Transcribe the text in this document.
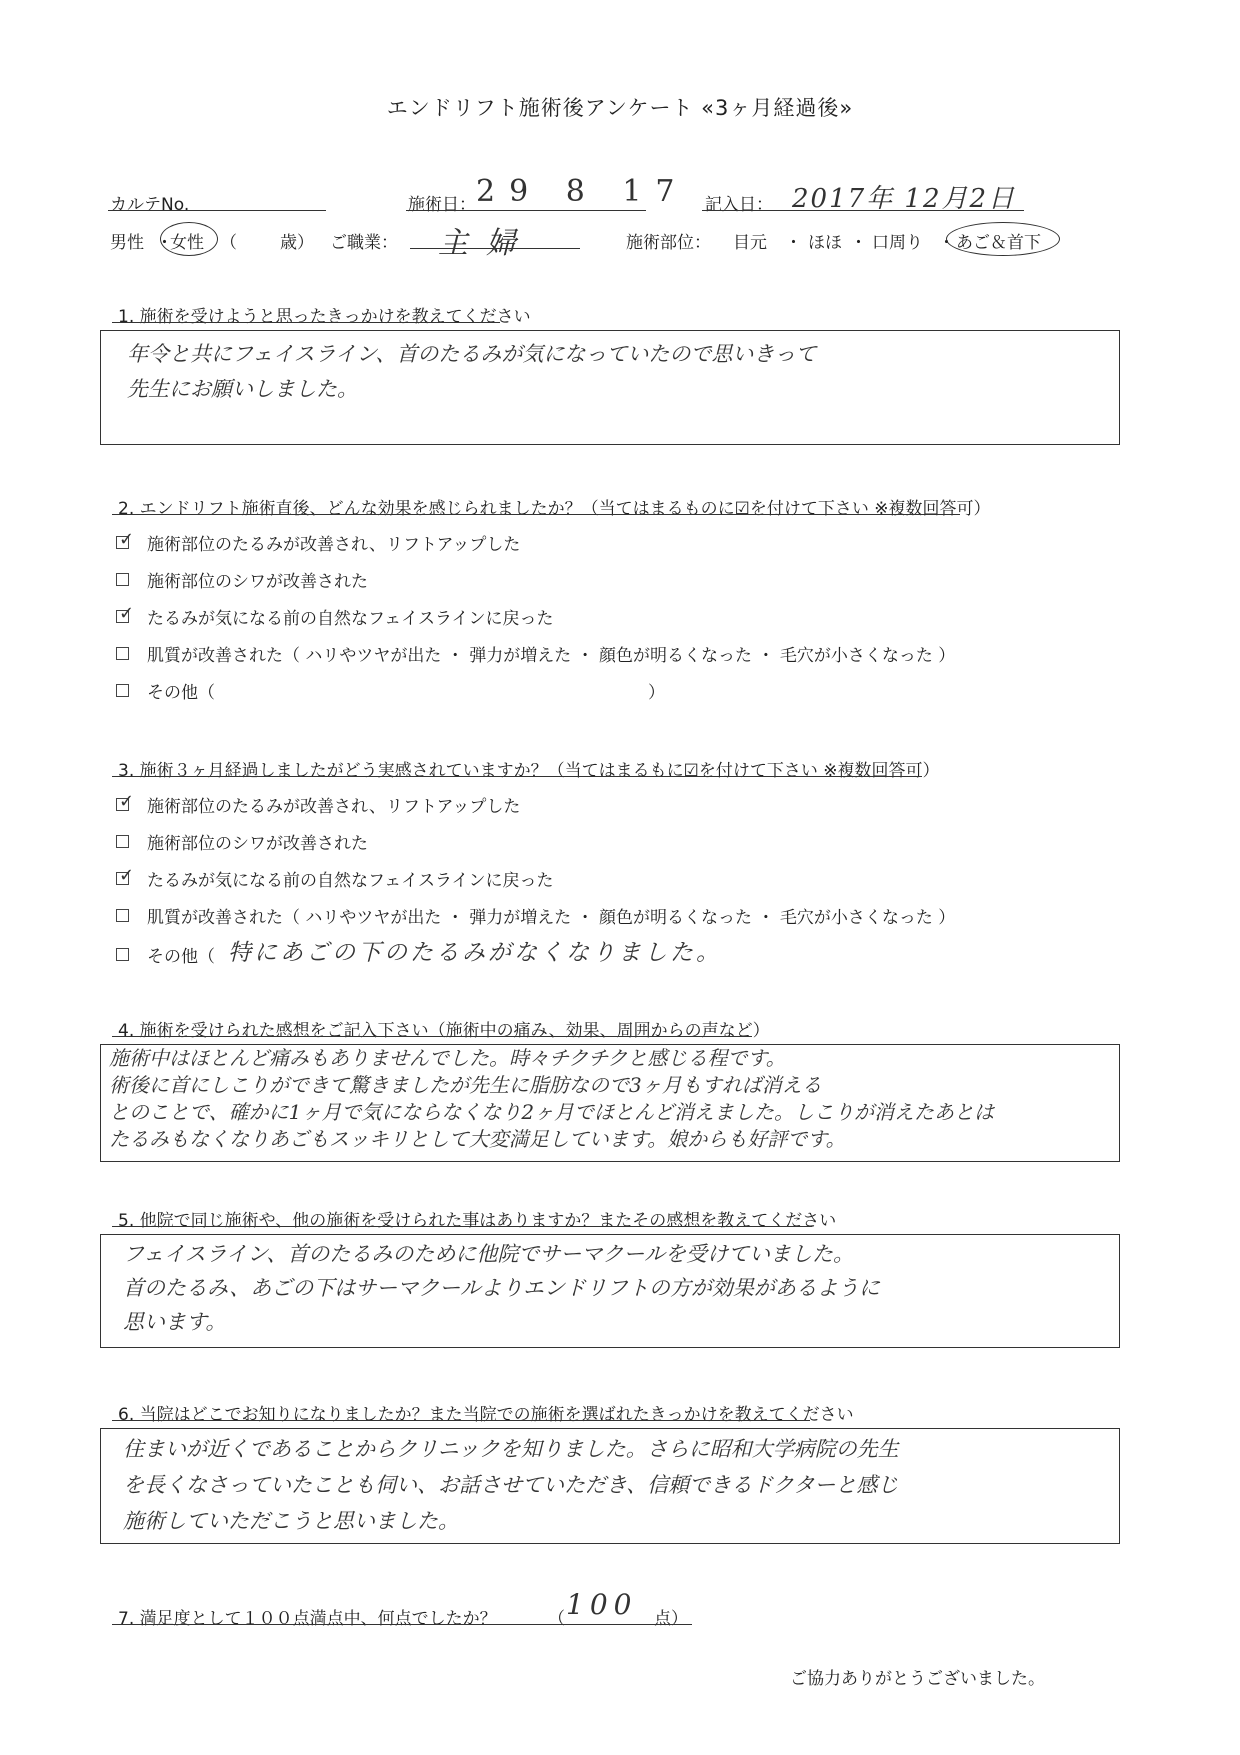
エンドリフト施術後アンケート «3ヶ月経過後»
カルテNo.	施術日： 29 8 17 記入日： 2017年 12月2日
男性 ・
女性 （	歳） ご職業： 主婦	施術部位： 目元 ・ ほほ ・ 口周り ・ あご＆首下
1. 施術を受けようと思ったきっかけを教えてください
年令と共にフェイスライン、首のたるみが気になっていたので思いきって
先生にお願いしました。
2. エンドリフト施術直後、どんな効果を感じられましたか？（当てはまるものに☑を付けて下さい ※複数回答可）
✓ 施術部位のたるみが改善され、リフトアップした
施術部位のシワが改善された
✓ たるみが気になる前の自然なフェイスラインに戻った
肌質が改善された（ ハリやツヤが出た ・ 弾力が増えた ・ 顔色が明るくなった ・ 毛穴が小さくなった ）
その他（	）
3. 施術３ヶ月経過しましたがどう実感されていますか？（当てはまるもに☑を付けて下さい ※複数回答可）
✓ 施術部位のたるみが改善され、リフトアップした
施術部位のシワが改善された
✓ たるみが気になる前の自然なフェイスラインに戻った
肌質が改善された（ ハリやツヤが出た ・ 弾力が増えた ・ 顔色が明るくなった ・ 毛穴が小さくなった ）
その他（ 特にあごの下のたるみがなくなりました。
4. 施術を受けられた感想をご記入下さい（施術中の痛み、効果、周囲からの声など）
施術中はほとんど痛みもありませんでした。時々チクチクと感じる程です。
術後に首にしこりができて驚きましたが先生に脂肪なので3ヶ月もすれば消える
とのことで、確かに1ヶ月で気にならなくなり2ヶ月でほとんど消えました。しこりが消えたあとは
たるみもなくなりあごもスッキリとして大変満足しています。娘からも好評です。
5. 他院で同じ施術や、他の施術を受けられた事はありますか？またその感想を教えてください
フェイスライン、首のたるみのために他院でサーマクールを受けていました。
首のたるみ、あごの下はサーマクールよりエンドリフトの方が効果があるように
思います。
6. 当院はどこでお知りになりましたか？また当院での施術を選ばれたきっかけを教えてください
住まいが近くであることからクリニックを知りました。さらに昭和大学病院の先生
を長くなさっていたことも伺い、お話させていただき、信頼できるドクターと感じ
施術していただこうと思いました。
7. 満足度として１００点満点中、何点でしたか？	（ 100 点）
ご協力ありがとうございました。
